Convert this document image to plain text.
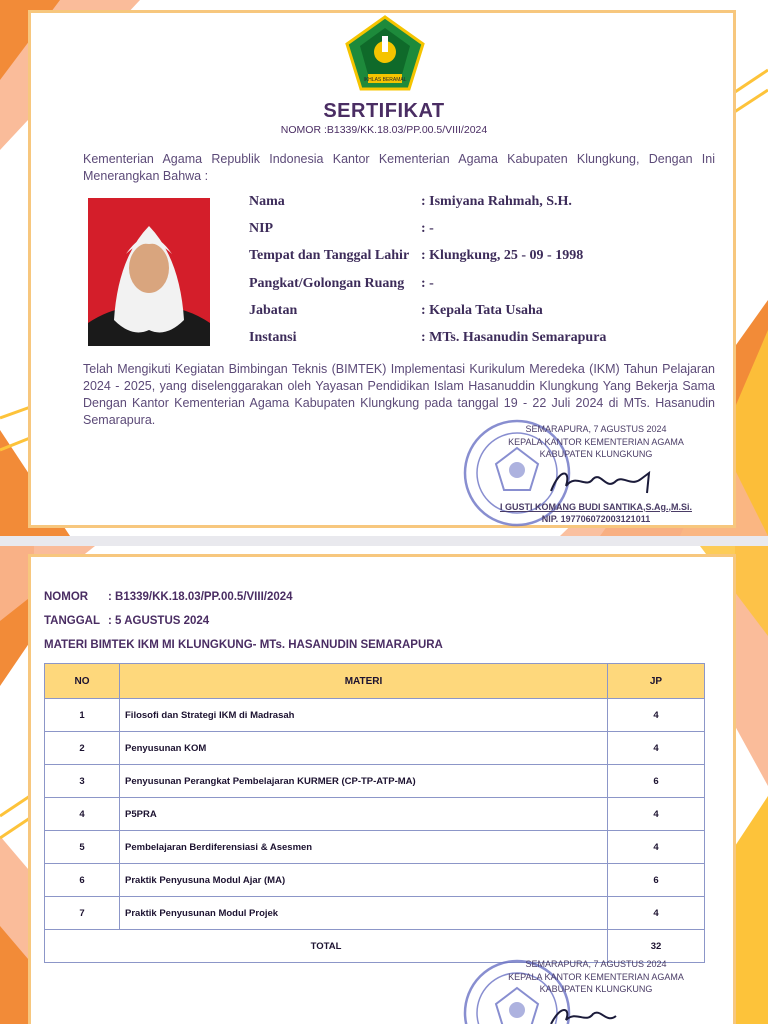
IKHLAS BERAMAL
SERTIFIKAT
NOMOR :B1339/KK.18.03/PP.00.5/VIII/2024
Kementerian Agama Republik Indonesia Kantor Kementerian Agama Kabupaten Klungkung, Dengan Ini Menerangkan Bahwa :
Nama	: Ismiyana Rahmah, S.H.
NIP	: -
Tempat dan Tanggal Lahir : Klungkung, 25 - 09 - 1998
Pangkat/Golongan Ruang : -
Jabatan	: Kepala Tata Usaha
Instansi	: MTs. Hasanudin Semarapura
Telah Mengikuti Kegiatan Bimbingan Teknis (BIMTEK) Implementasi Kurikulum Meredeka (IKM) Tahun Pelajaran 2024 - 2025, yang diselenggarakan oleh Yayasan Pendidikan Islam Hasanuddin Klungkung Yang Bekerja Sama Dengan Kantor Kementerian Agama Kabupaten Klungkung pada tanggal 19 - 22 Juli 2024 di MTs. Hasanudin Semarapura.
SEMARAPURA, 7 AGUSTUS 2024
KEPALA KANTOR KEMENTERIAN AGAMA
KABUPATEN KLUNGKUNG
I GUSTI KOMANG BUDI SANTIKA,S.Ag.,M.Si.
NIP. 197706072003121011
NOMOR : B1339/KK.18.03/PP.00.5/VIII/2024
TANGGAL : 5 AGUSTUS 2024
MATERI BIMTEK IKM MI KLUNGKUNG- MTs. HASANUDIN SEMARAPURA
NO	MATERI	JP
1	Filosofi dan Strategi IKM di Madrasah	4
2	Penyusunan KOM	4
3	Penyusunan Perangkat Pembelajaran KURMER (CP-TP-ATP-MA)	6
4	P5PRA	4
5	Pembelajaran Berdiferensiasi & Asesmen	4
6	Praktik Penyusuna Modul Ajar (MA)	6
7	Praktik Penyusunan Modul Projek	4
TOTAL		32
SEMARAPURA, 7 AGUSTUS 2024
KEPALA KANTOR KEMENTERIAN AGAMA
KABUPATEN KLUNGKUNG
